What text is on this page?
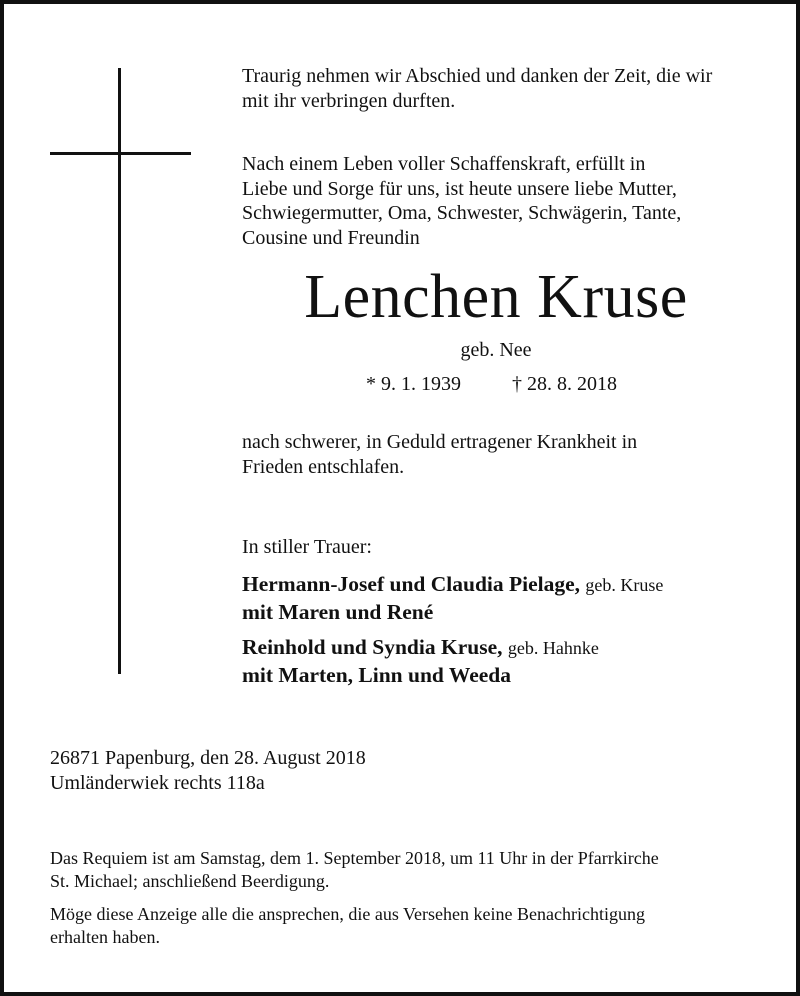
Traurig nehmen wir Abschied und danken der Zeit, die wir
mit ihr verbringen durften.

Nach einem Leben voller Schaffenskraft, erfüllt in
Liebe und Sorge für uns, ist heute unsere liebe Mutter,
Schwiegermutter, Oma, Schwester, Schwägerin, Tante,
Cousine und Freundin
Lenchen Kruse
geb. Nee
* 9. 1. 1939	† 28. 8. 2018
nach schwerer, in Geduld ertragener Krankheit in
Frieden entschlafen.
In stiller Trauer:
Hermann-Josef und Claudia Pielage, geb. Kruse
mit Maren und René
Reinhold und Syndia Kruse, geb. Hahnke
mit Marten, Linn und Weeda
26871 Papenburg, den 28. August 2018
Umländerwiek rechts 118a

Das Requiem ist am Samstag, dem 1. September 2018, um 11 Uhr in der Pfarrkirche
St. Michael; anschließend Beerdigung.

Möge diese Anzeige alle die ansprechen, die aus Versehen keine Benachrichtigung
erhalten haben.
